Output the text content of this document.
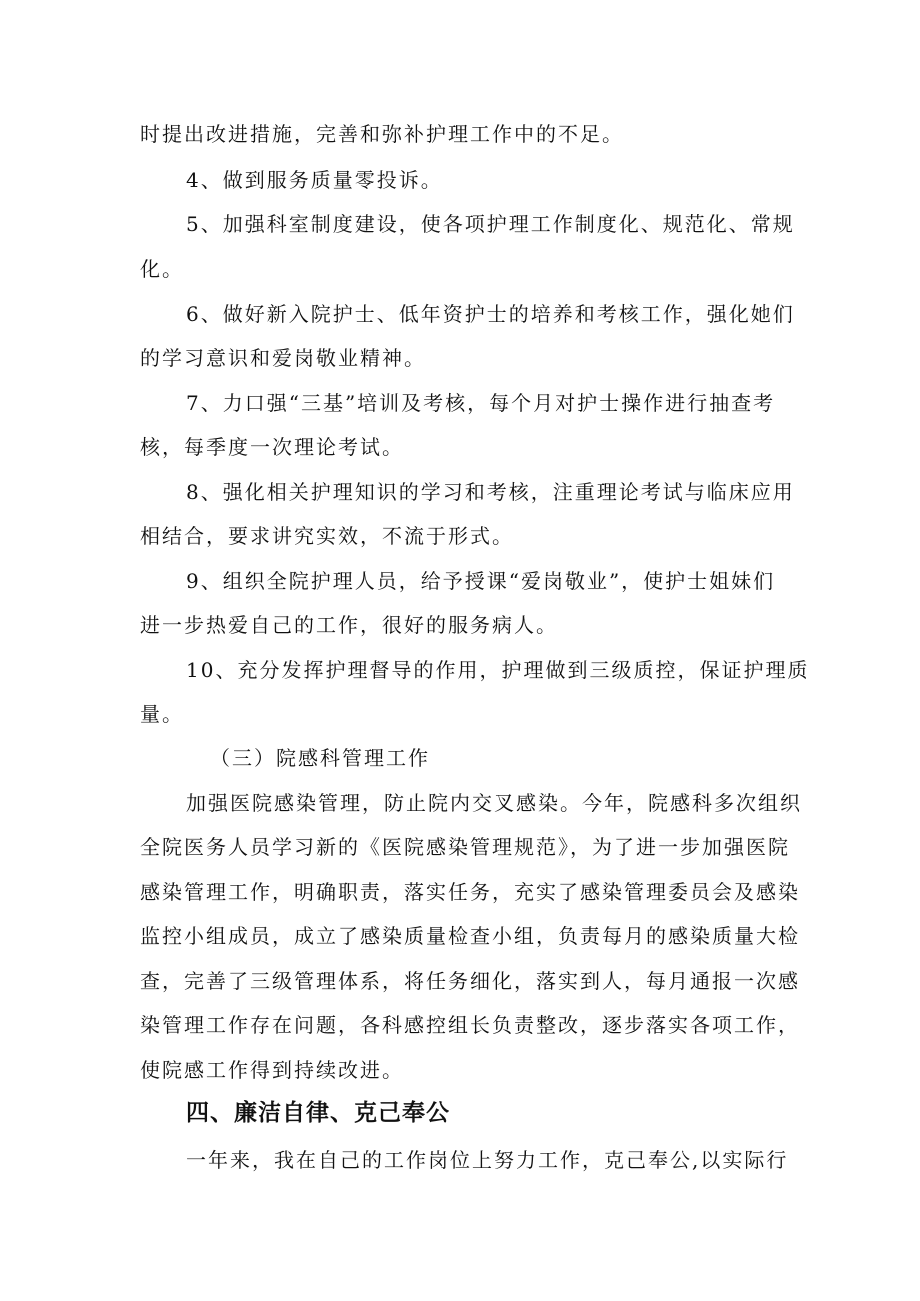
时提出改进措施，完善和弥补护理工作中的不足。
4、做到服务质量零投诉。
5、加强科室制度建设，使各项护理工作制度化、规范化、常规
化。
6、做好新入院护士、低年资护士的培养和考核工作，强化她们
的学习意识和爱岗敬业精神。
7、力口强“三基”培训及考核，每个月对护士操作进行抽查考
核，每季度一次理论考试。
8、强化相关护理知识的学习和考核，注重理论考试与临床应用
相结合，要求讲究实效，不流于形式。
9、组织全院护理人员，给予授课“爱岗敬业”，使护士姐妹们
进一步热爱自己的工作，很好的服务病人。
10、充分发挥护理督导的作用，护理做到三级质控，保证护理质
量。
（三）院感科管理工作
加强医院感染管理，防止院内交叉感染。今年，院感科多次组织
全院医务人员学习新的《医院感染管理规范》，为了进一步加强医院
感染管理工作，明确职责，落实任务，充实了感染管理委员会及感染
监控小组成员，成立了感染质量检查小组，负责每月的感染质量大检
查，完善了三级管理体系，将任务细化，落实到人，每月通报一次感
染管理工作存在问题，各科感控组长负责整改，逐步落实各项工作，
使院感工作得到持续改进。
四、廉洁自律、克己奉公
一年来，我在自己的工作岗位上努力工作，克己奉公,以实际行
